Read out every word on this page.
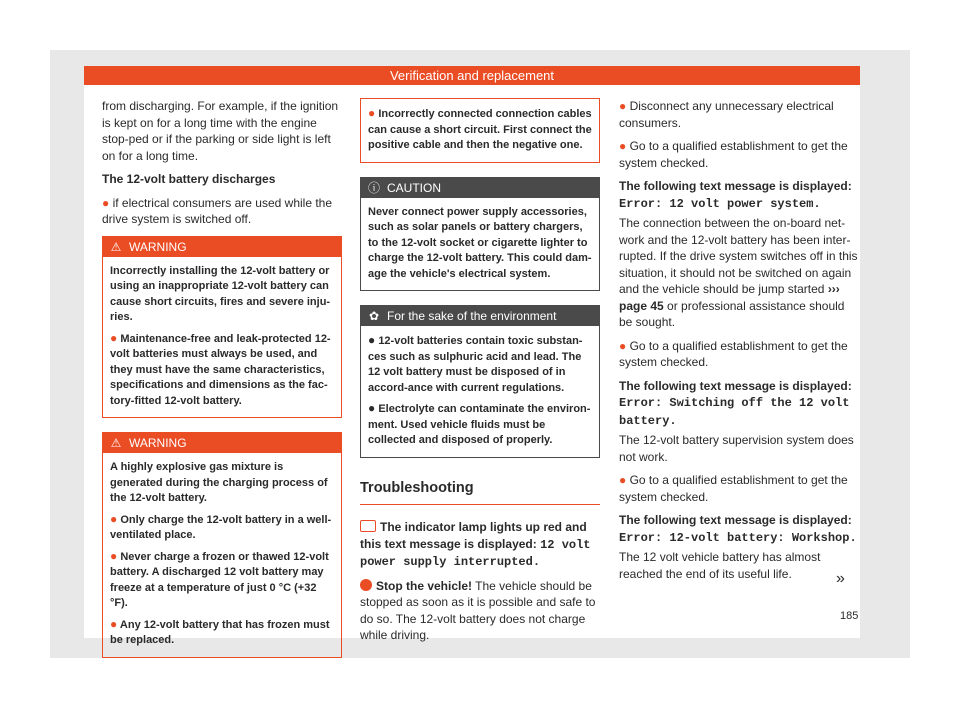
Verification and replacement

from discharging. For example, if the ignition is kept on for a long time with the engine stop-ped or if the parking or side light is left on for a long time.

The 12-volt battery discharges

● if electrical consumers are used while the drive system is switched off.

⚠ WARNING

Incorrectly installing the 12-volt battery or using an inappropriate 12-volt battery can cause short circuits, fires and severe inju-ries.

● Maintenance-free and leak-protected 12-volt batteries must always be used, and they must have the same characteristics, specifications and dimensions as the fac-tory-fitted 12-volt battery.

⚠ WARNING

A highly explosive gas mixture is generated during the charging process of the 12-volt battery.

● Only charge the 12-volt battery in a well-ventilated place.

● Never charge a frozen or thawed 12-volt battery. A discharged 12 volt battery may freeze at a temperature of just 0 °C (+32 °F).

● Any 12-volt battery that has frozen must be replaced.

● Incorrectly connected connection cables can cause a short circuit. First connect the positive cable and then the negative one.

ⓘ CAUTION

Never connect power supply accessories, such as solar panels or battery chargers, to the 12-volt socket or cigarette lighter to charge the 12-volt battery. This could dam-age the vehicle's electrical system.

✿ For the sake of the environment

● 12-volt batteries contain toxic substan-ces such as sulphuric acid and lead. The 12 volt battery must be disposed of in accord-ance with current regulations.

● Electrolyte can contaminate the environ-ment. Used vehicle fluids must be collected and disposed of properly.

Troubleshooting

The indicator lamp lights up red and this text message is displayed: 12 volt power supply interrupted.

Stop the vehicle! The vehicle should be stopped as soon as it is possible and safe to do so. The 12-volt battery does not charge while driving.

● Disconnect any unnecessary electrical consumers.

● Go to a qualified establishment to get the system checked.

The following text message is displayed:
Error: 12 volt power system.

The connection between the on-board net-work and the 12-volt battery has been inter-rupted. If the drive system switches off in this situation, it should not be switched on again and the vehicle should be jump started ››› page 45 or professional assistance should be sought.

● Go to a qualified establishment to get the system checked.

The following text message is displayed:
Error: Switching off the 12 volt battery.

The 12-volt battery supervision system does not work.

● Go to a qualified establishment to get the system checked.

The following text message is displayed:
Error: 12-volt battery: Workshop.

The 12 volt vehicle battery has almost reached the end of its useful life.	»
185
